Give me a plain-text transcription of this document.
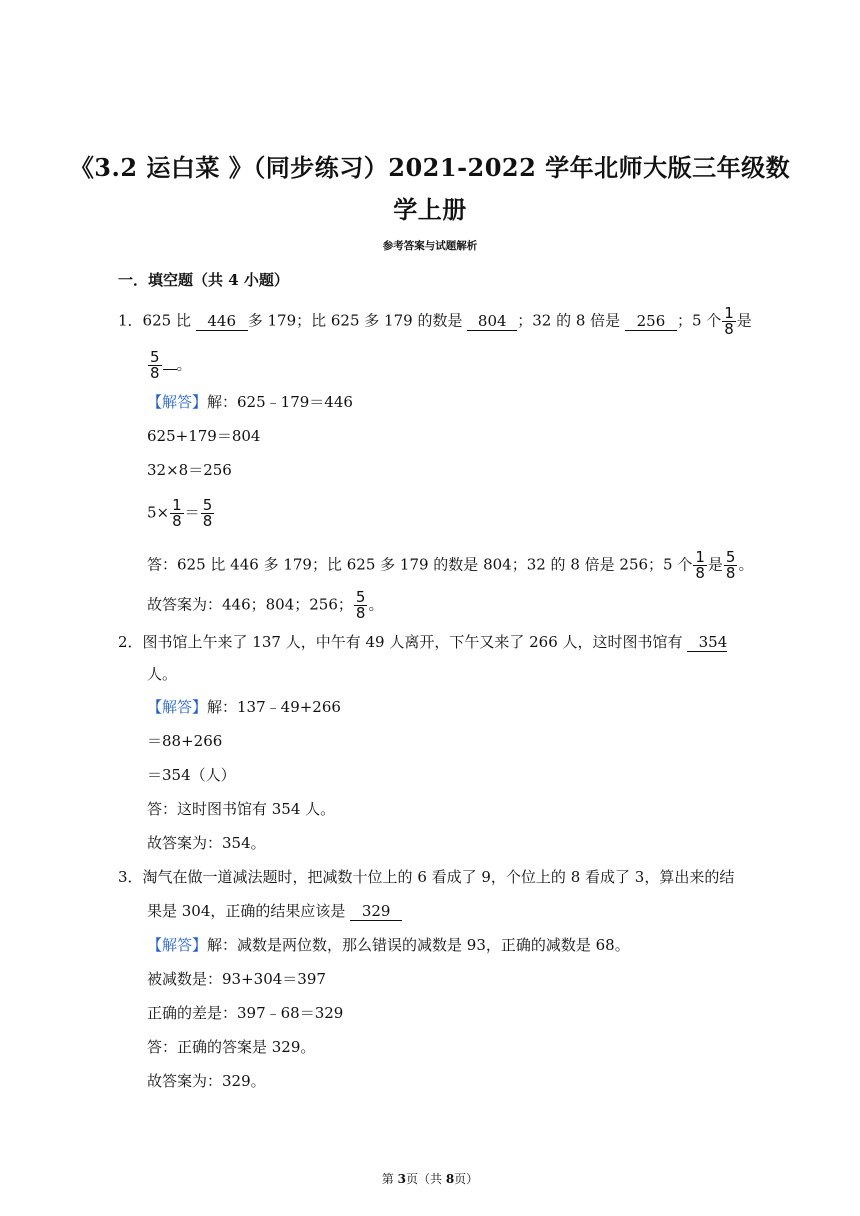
《3.2 运白菜 》（同步练习）2021-2022 学年北师大版三年级数
学上册
参考答案与试题解析
一．填空题（共 4 小题）
1．625 比 446 多 179；比 625 多 179 的数是 804 ；32 的 8 倍是 256 ；5 个 $\frac{1}{8}$ 是
$\frac{5}{8}$ 。
【解答】解：625﹣179＝446
625+179＝804
32×8＝256
$5\times \frac{1}{8} = \frac{5}{8}$
答：625 比 446 多 179；比 625 多 179 的数是 804；32 的 8 倍是 256；5 个 $\frac{1}{8}$ 是 $\frac{5}{8}$ 。
故答案为：446；804；256； $\frac{5}{8}$ 。
2．图书馆上午来了 137 人，中午有 49 人离开，下午又来了 266 人，这时图书馆有 354
人。
【解答】解：137﹣49+266
＝88+266
＝354（人）
答：这时图书馆有 354 人。
故答案为：354。
3．淘气在做一道减法题时，把减数十位上的 6 看成了 9，个位上的 8 看成了 3，算出来的结
果是 304，正确的结果应该是 329
【解答】解：减数是两位数，那么错误的减数是 93，正确的减数是 68。
被减数是：93+304＝397
正确的差是：397﹣68＝329
答：正确的答案是 329。
故答案为：329。
第 3页（共 8页）
